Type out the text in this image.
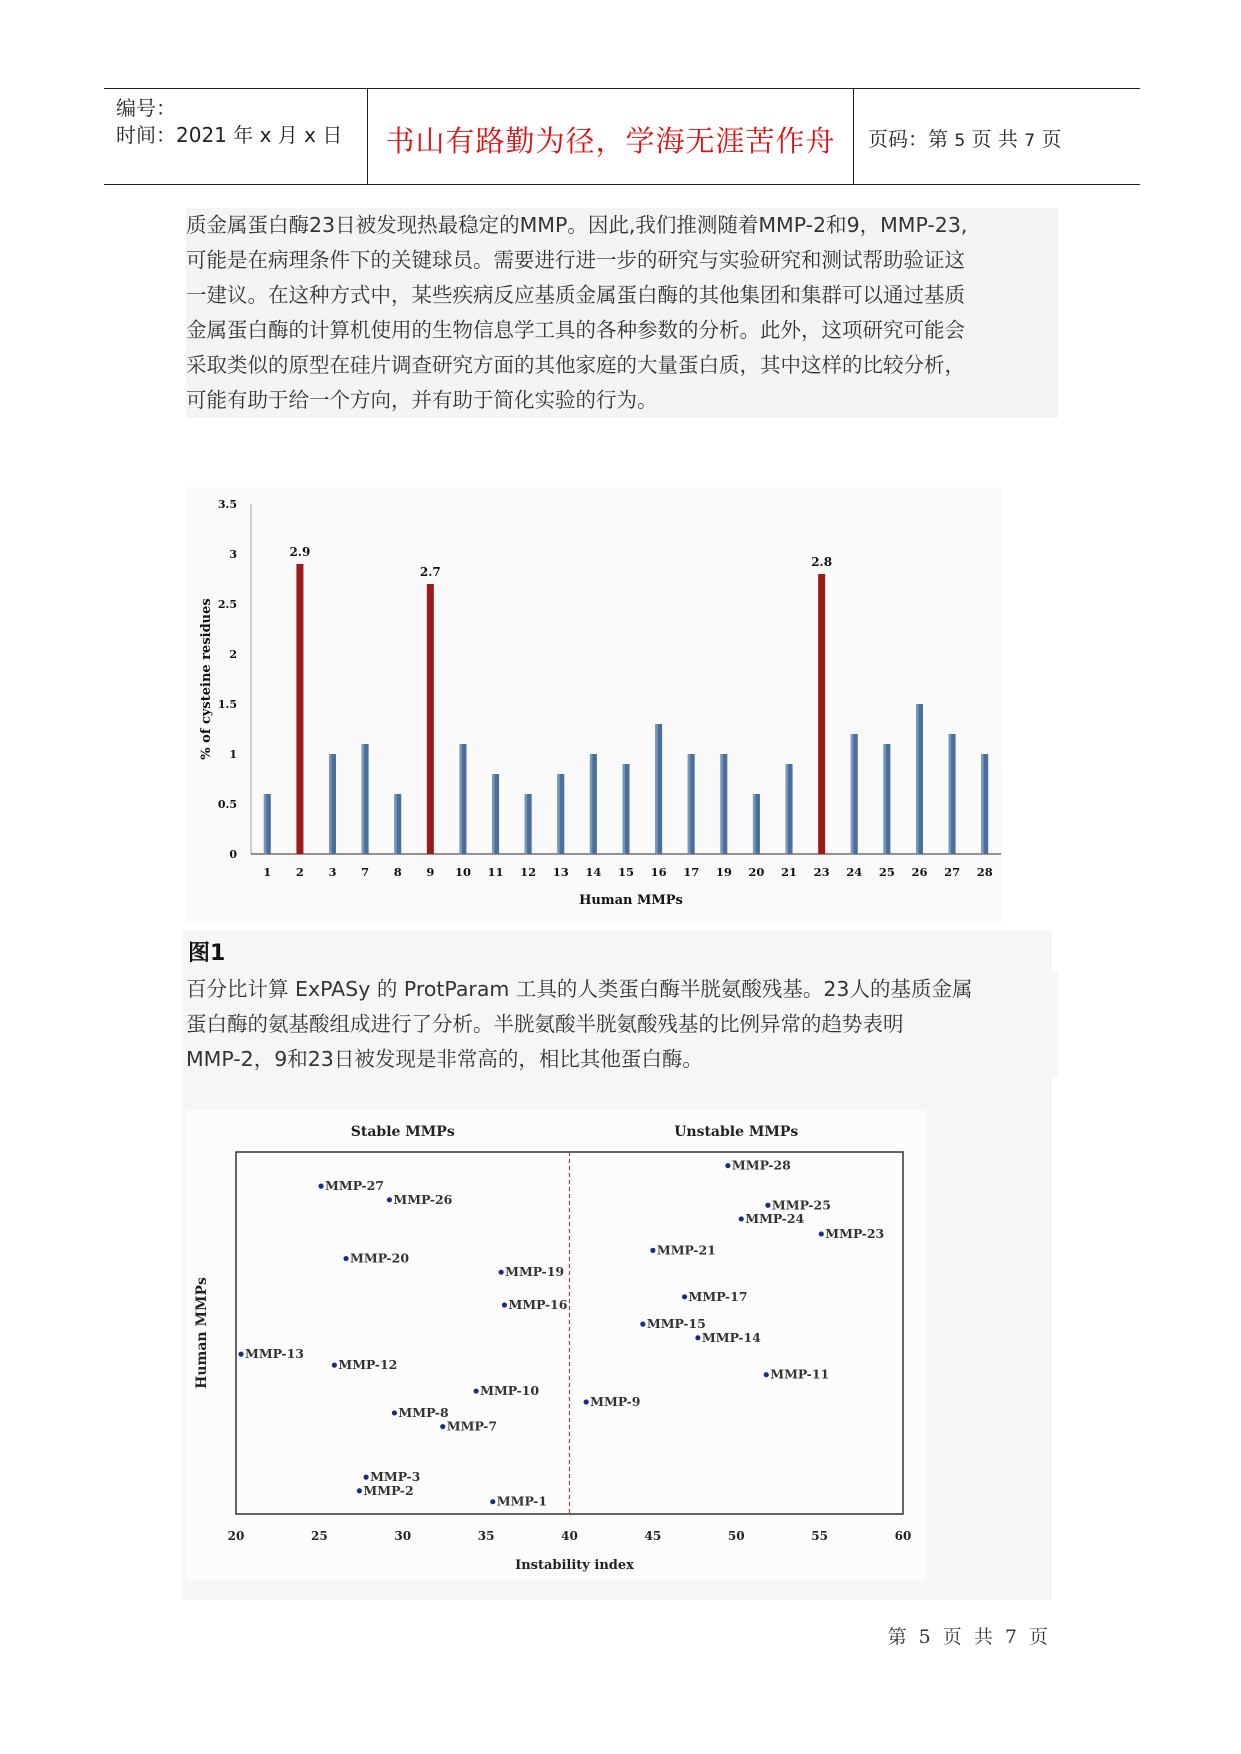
编号：
时间：2021 年 x 月 x 日	书山有路勤为径，学海无涯苦作舟	页码：第 5 页 共 7 页
质金属蛋白酶23日被发现热最稳定的MMP。因此,我们推测随着MMP-2和9，MMP-23,
可能是在病理条件下的关键球员。需要进行进一步的研究与实验研究和测试帮助验证这
一建议。在这种方式中，某些疾病反应基质金属蛋白酶的其他集团和集群可以通过基质
金属蛋白酶的计算机使用的生物信息学工具的各种参数的分析。此外，这项研究可能会
采取类似的原型在硅片调查研究方面的其他家庭的大量蛋白质，其中这样的比较分析，
可能有助于给一个方向，并有助于简化实验的行为。
0
0.5
1
1.5
2
2.5
3
3.5
1 2
2.9
3 7 8 9
2.7
10 11 12 13 14 15 16 17 19 20 21 23
2.8
24 25 26 27 28
Human MMPs
% of cysteine residues
图1
百分比计算 ExPASy 的 ProtParam 工具的人类蛋白酶半胱氨酸残基。23人的基质金属
蛋白酶的氨基酸组成进行了分析。半胱氨酸半胱氨酸残基的比例异常的趋势表明
MMP-2，9和23日被发现是非常高的，相比其他蛋白酶。
Stable MMPs	Unstable MMPs
20	25	30	35	40	45	50	55	60
MMP-27
MMP-26
MMP-20
MMP-13
MMP-12
MMP-19
MMP-16
MMP-10
MMP-8
MMP-7
MMP-3
MMP-2
MMP-1
MMP-28
MMP-25
MMP-24
MMP-23
MMP-21
MMP-17
MMP-15
MMP-14
MMP-11
MMP-9
Instability index
Human MMPs
第 5 页 共 7 页
